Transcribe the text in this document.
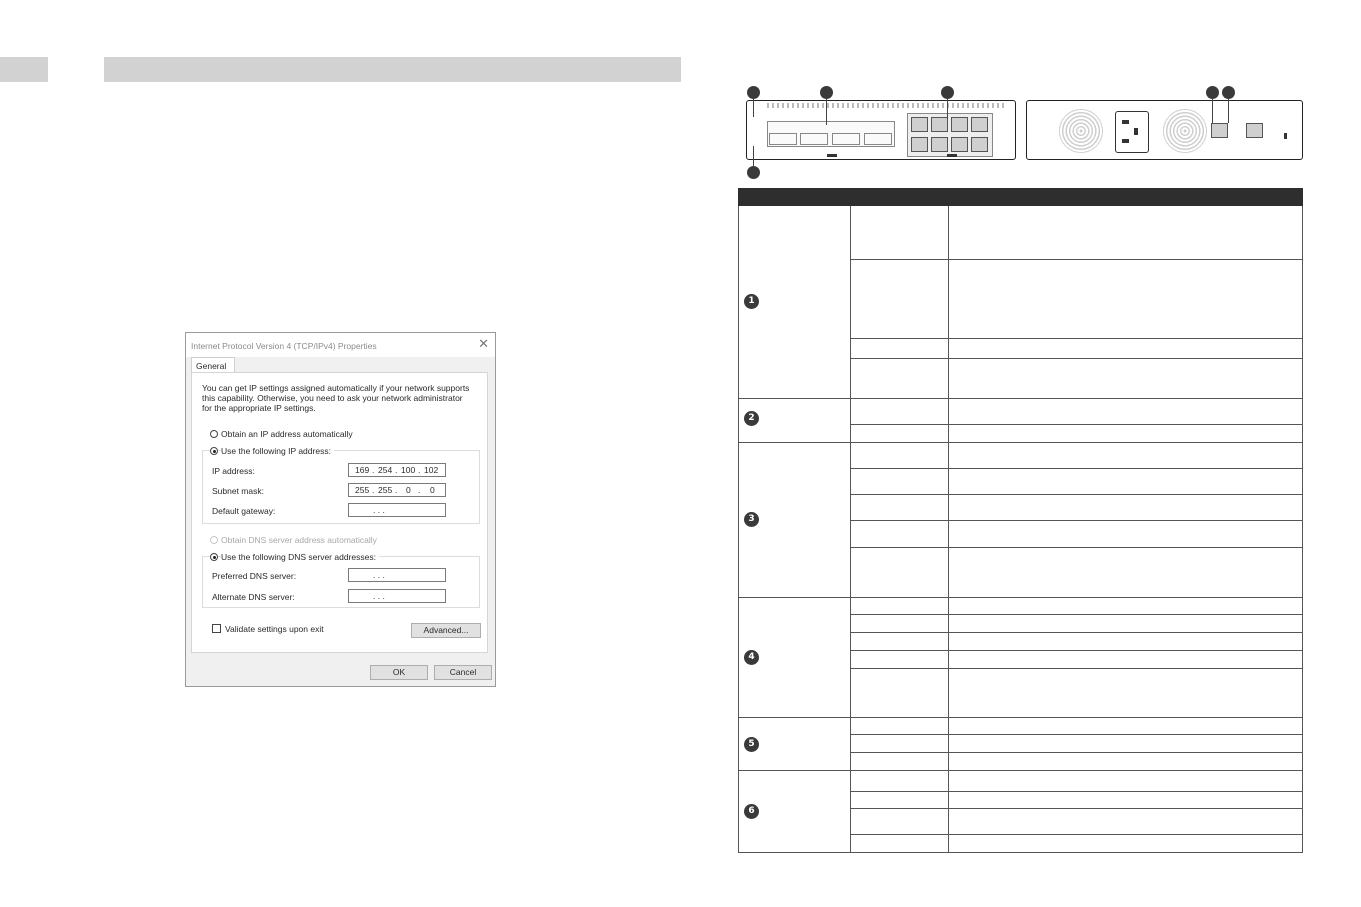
Internet Protocol Version 4 (TCP/IPv4) Properties	✕
General
You can get IP settings assigned automatically if your network supports
this capability. Otherwise, you need to ask your network administrator
for the appropriate IP settings.
Obtain an IP address automatically
Use the following IP address:
IP address:	169 . 254 . 100 . 102
Subnet mask:	255 . 255 . 0 . 0
Default gateway:	. . .
Obtain DNS server address automatically
Use the following DNS server addresses:
Preferred DNS server:	. . .
Alternate DNS server:	. . .
Validate settings upon exit	Advanced...
OK	Cancel
1
2
3
4
5
6
